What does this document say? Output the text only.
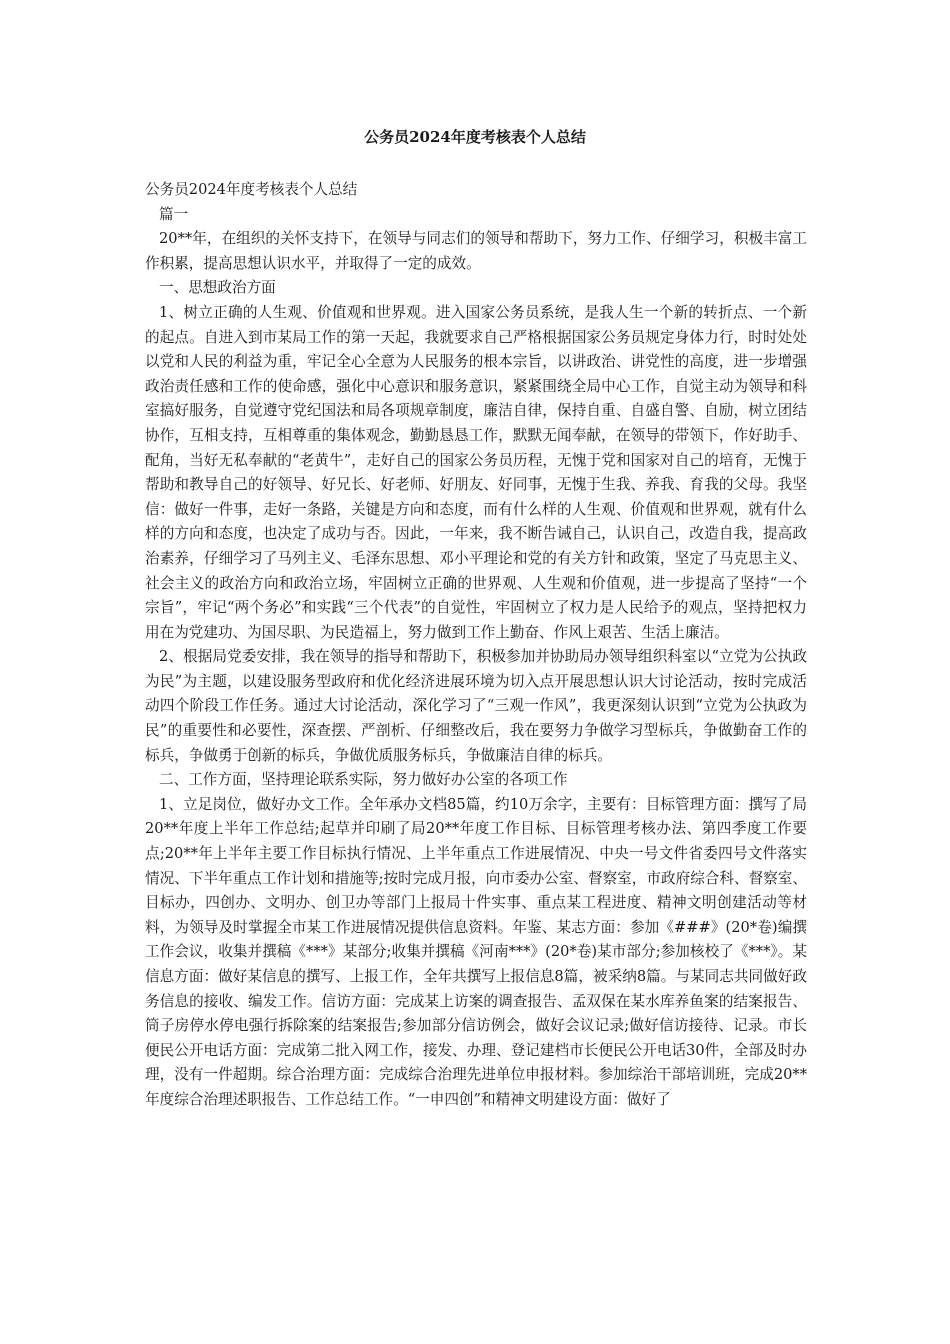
公务员2024年度考核表个人总结

公务员2024年度考核表个人总结

篇一

20**年，在组织的关怀支持下，在领导与同志们的领导和帮助下，努力工作、仔细学习，积极丰富工作积累，提高思想认识水平，并取得了一定的成效。

一、思想政治方面

1、树立正确的人生观、价值观和世界观。进入国家公务员系统，是我人生一个新的转折点、一个新的起点。自进入到市某局工作的第一天起，我就要求自己严格根据国家公务员规定身体力行，时时处处以党和人民的利益为重，牢记全心全意为人民服务的根本宗旨，以讲政治、讲党性的高度，进一步增强政治责任感和工作的使命感，强化中心意识和服务意识，紧紧围绕全局中心工作，自觉主动为领导和科室搞好服务，自觉遵守党纪国法和局各项规章制度，廉洁自律，保持自重、自盛自警、自励，树立团结协作，互相支持，互相尊重的集体观念，勤勤恳恳工作，默默无闻奉献，在领导的带领下，作好助手、配角，当好无私奉献的“老黄牛”，走好自己的国家公务员历程，无愧于党和国家对自己的培育，无愧于帮助和教导自己的好领导、好兄长、好老师、好朋友、好同事，无愧于生我、养我、育我的父母。我坚信：做好一件事，走好一条路，关键是方向和态度，而有什么样的人生观、价值观和世界观，就有什么样的方向和态度，也决定了成功与否。因此，一年来，我不断告诫自己，认识自己，改造自我，提高政治素养，仔细学习了马列主义、毛泽东思想、邓小平理论和党的有关方针和政策，坚定了马克思主义、社会主义的政治方向和政治立场，牢固树立正确的世界观、人生观和价值观，进一步提高了坚持“一个宗旨”，牢记“两个务必”和实践“三个代表”的自觉性，牢固树立了权力是人民给予的观点，坚持把权力用在为党建功、为国尽职、为民造福上，努力做到工作上勤奋、作风上艰苦、生活上廉洁。

2、根据局党委安排，我在领导的指导和帮助下，积极参加并协助局办领导组织科室以“立党为公执政为民”为主题，以建设服务型政府和优化经济进展环境为切入点开展思想认识大讨论活动，按时完成活动四个阶段工作任务。通过大讨论活动，深化学习了“三观一作风”，我更深刻认识到“立党为公执政为民”的重要性和必要性，深查摆、严剖析、仔细整改后，我在要努力争做学习型标兵，争做勤奋工作的标兵，争做勇于创新的标兵，争做优质服务标兵，争做廉洁自律的标兵。

二、工作方面，坚持理论联系实际，努力做好办公室的各项工作

1、立足岗位，做好办文工作。全年承办文档85篇，约10万余字，主要有：目标管理方面：撰写了局20**年度上半年工作总结;起草并印刷了局20**年度工作目标、目标管理考核办法、第四季度工作要点;20**年上半年主要工作目标执行情况、上半年重点工作进展情况、中央一号文件省委四号文件落实情况、下半年重点工作计划和措施等;按时完成月报，向市委办公室、督察室，市政府综合科、督察室、目标办，四创办、文明办、创卫办等部门上报局十件实事、重点某工程进度、精神文明创建活动等材料，为领导及时掌握全市某工作进展情况提供信息资料。年鉴、某志方面：参加《###》(20*卷)编撰工作会议，收集并撰稿《***》某部分;收集并撰稿《河南***》(20*卷)某市部分;参加核校了《***》。某信息方面：做好某信息的撰写、上报工作，全年共撰写上报信息8篇，被采纳8篇。与某同志共同做好政务信息的接收、编发工作。信访方面：完成某上访案的调查报告、孟双保在某水库养鱼案的结案报告、筒子房停水停电强行拆除案的结案报告;参加部分信访例会，做好会议记录;做好信访接待、记录。市长便民公开电话方面：完成第二批入网工作，接发、办理、登记建档市长便民公开电话30件，全部及时办理，没有一件超期。综合治理方面：完成综合治理先进单位申报材料。参加综治干部培训班，完成20**年度综合治理述职报告、工作总结工作。“一申四创”和精神文明建设方面：做好了
